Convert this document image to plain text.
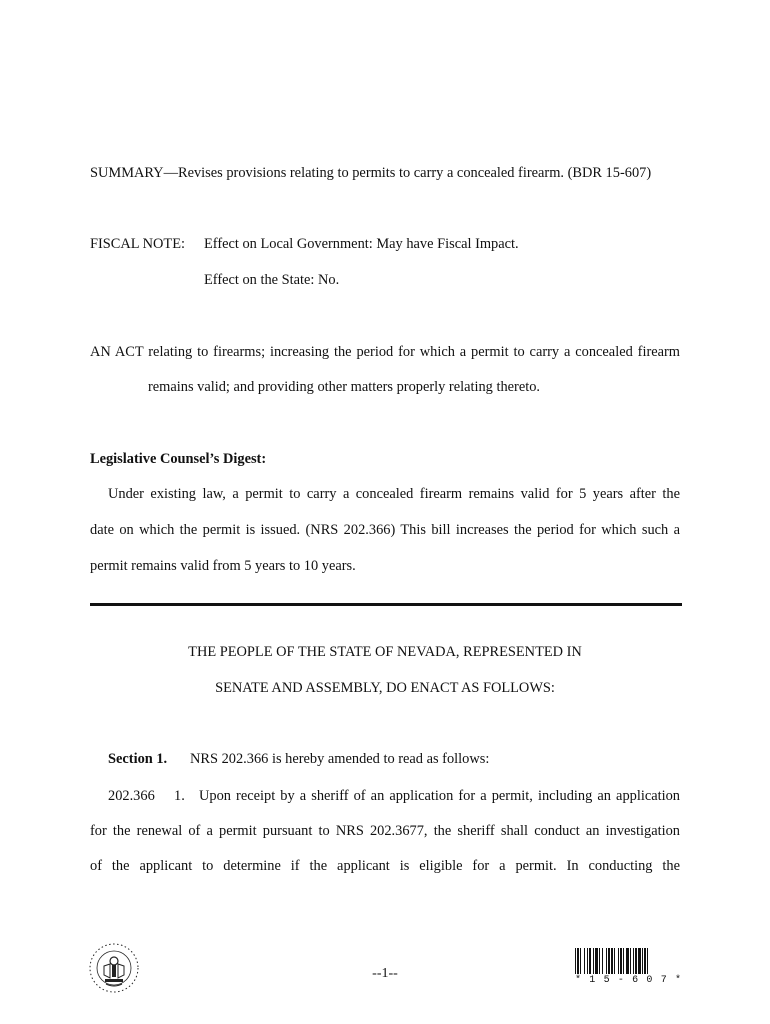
SUMMARY—Revises provisions relating to permits to carry a concealed firearm. (BDR 15-607)
FISCAL NOTE: Effect on Local Government: May have Fiscal Impact.
Effect on the State: No.
AN ACT relating to firearms; increasing the period for which a permit to carry a concealed firearm
remains valid; and providing other matters properly relating thereto.
Legislative Counsel’s Digest:
Under existing law, a permit to carry a concealed firearm remains valid for 5 years after the
date on which the permit is issued. (NRS 202.366) This bill increases the period for which such a
permit remains valid from 5 years to 10 years.
THE PEOPLE OF THE STATE OF NEVADA, REPRESENTED IN
SENATE AND ASSEMBLY, DO ENACT AS FOLLOWS:
Section 1. NRS 202.366 is hereby amended to read as follows:
202.366 1. Upon receipt by a sheriff of an application for a permit, including an application
for the renewal of a permit pursuant to NRS 202.3677, the sheriff shall conduct an investigation
of the applicant to determine if the applicant is eligible for a permit. In conducting the
--1--	* 1 5 - 6 0 7 *
